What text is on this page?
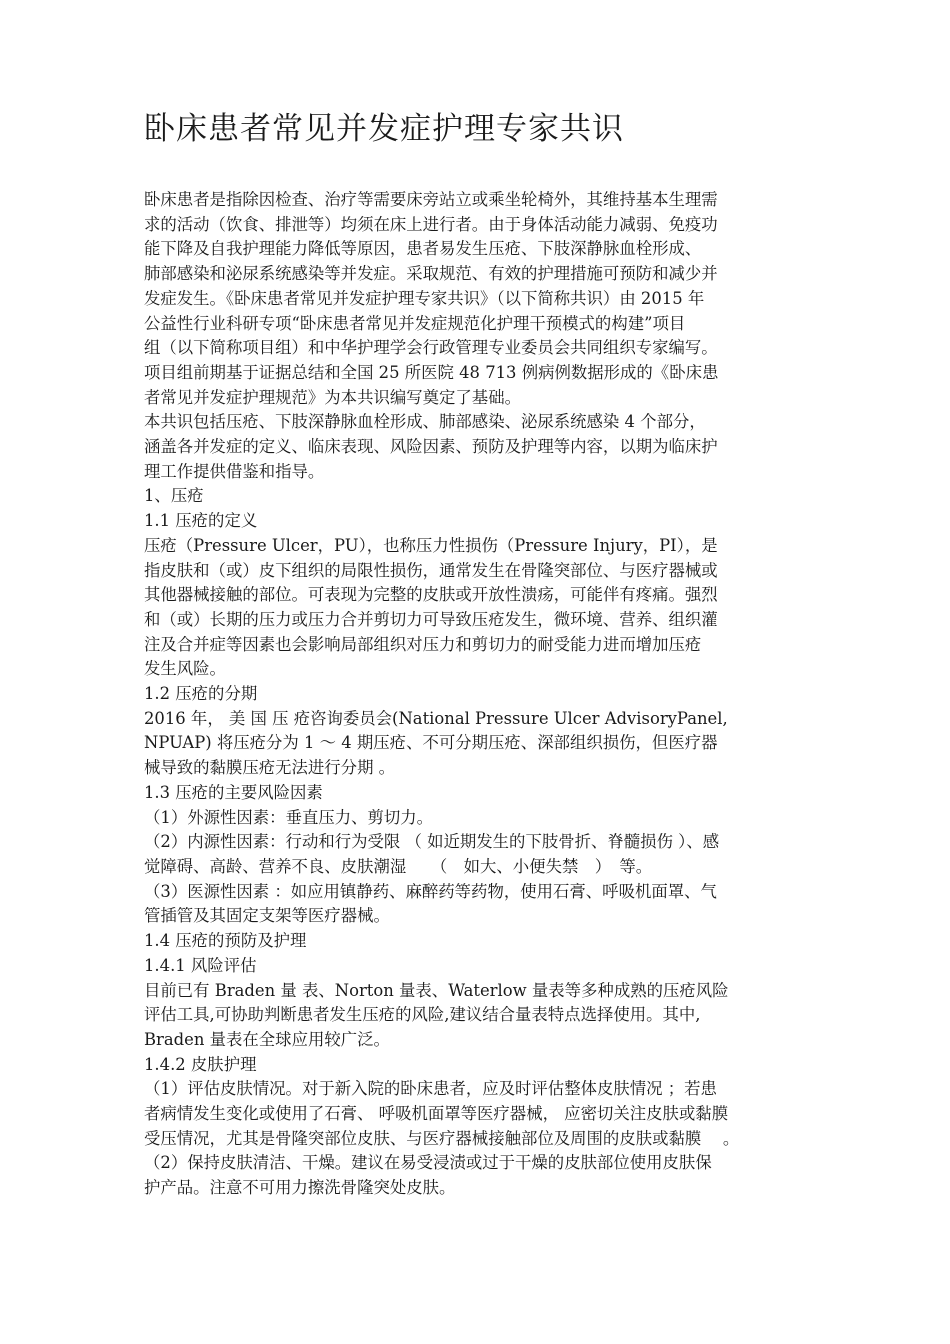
卧床患者常见并发症护理专家共识
卧床患者是指除因检查、治疗等需要床旁站立或乘坐轮椅外，其维持基本生理需
求的活动（饮食、排泄等）均须在床上进行者。由于身体活动能力减弱、免疫功
能下降及自我护理能力降低等原因，患者易发生压疮、下肢深静脉血栓形成、
肺部感染和泌尿系统感染等并发症。采取规范、有效的护理措施可预防和减少并
发症发生。《卧床患者常见并发症护理专家共识》（以下简称共识）由 2015 年
公益性行业科研专项“卧床患者常见并发症规范化护理干预模式的构建”项目
组（以下简称项目组）和中华护理学会行政管理专业委员会共同组织专家编写。
项目组前期基于证据总结和全国 25 所医院 48 713 例病例数据形成的《卧床患
者常见并发症护理规范》为本共识编写奠定了基础。
本共识包括压疮、下肢深静脉血栓形成、肺部感染、泌尿系统感染 4 个部分，
涵盖各并发症的定义、临床表现、风险因素、预防及护理等内容，以期为临床护
理工作提供借鉴和指导。
1、压疮
1.1 压疮的定义
压疮（Pressure Ulcer，PU），也称压力性损伤（Pressure Injury，PI），是
指皮肤和（或）皮下组织的局限性损伤，通常发生在骨隆突部位、与医疗器械或
其他器械接触的部位。可表现为完整的皮肤或开放性溃疡，可能伴有疼痛。强烈
和（或）长期的压力或压力合并剪切力可导致压疮发生，微环境、营养、组织灌
注及合并症等因素也会影响局部组织对压力和剪切力的耐受能力进而增加压疮
发生风险。
1.2 压疮的分期
2016 年， 美 国 压 疮咨询委员会(National Pressure Ulcer AdvisoryPanel,
NPUAP) 将压疮分为 1 ～ 4 期压疮、不可分期压疮、深部组织损伤，但医疗器
械导致的黏膜压疮无法进行分期 。
1.3 压疮的主要风险因素
（1）外源性因素：垂直压力、剪切力。
（2）内源性因素：行动和行为受限 （ 如近期发生的下肢骨折、脊髓损伤 ）、感
觉障碍、高龄、营养不良、皮肤潮湿　　（　如大、小便失禁　）　等。
（3）医源性因素 ：如应用镇静药、麻醉药等药物，使用石膏、呼吸机面罩、气
管插管及其固定支架等医疗器械。
1.4 压疮的预防及护理
1.4.1 风险评估
目前已有 Braden 量 表、Norton 量表、Waterlow 量表等多种成熟的压疮风险
评估工具,可协助判断患者发生压疮的风险,建议结合量表特点选择使用。其中,
Braden 量表在全球应用较广泛。
1.4.2 皮肤护理
（1）评估皮肤情况。对于新入院的卧床患者，应及时评估整体皮肤情况 ；若患
者病情发生变化或使用了石膏、 呼吸机面罩等医疗器械， 应密切关注皮肤或黏膜
受压情况，尤其是骨隆突部位皮肤、与医疗器械接触部位及周围的皮肤或黏膜　 。
（2）保持皮肤清洁、干燥。建议在易受浸渍或过于干燥的皮肤部位使用皮肤保
护产品。注意不可用力擦洗骨隆突处皮肤。
